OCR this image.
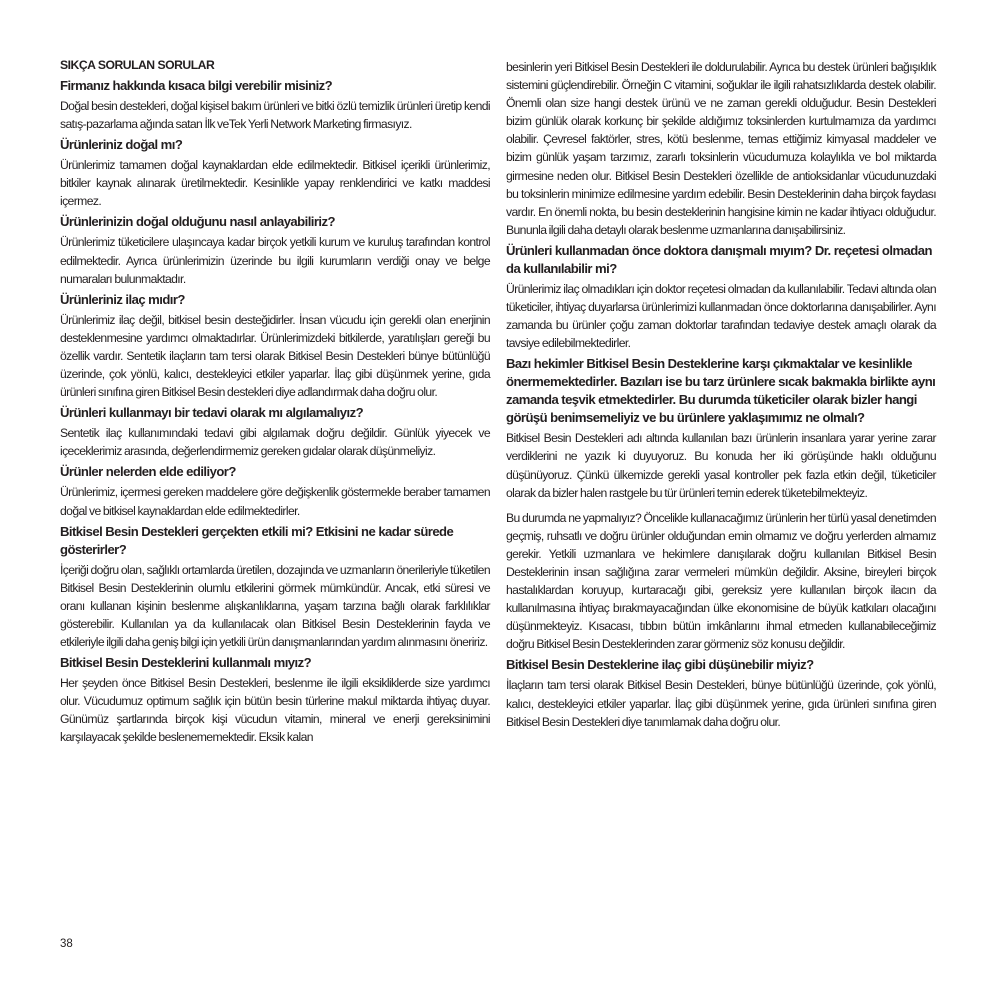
SIKÇA SORULAN SORULAR
Firmanız hakkında kısaca bilgi verebilir misiniz?
Doğal besin destekleri, doğal kişisel bakım ürünleri ve bitki özlü temizlik ürünleri üretip kendi satış-pazarlama ağında satan İlk veTek Yerli Network Marketing firmasıyız.
Ürünleriniz doğal mı?
Ürünlerimiz tamamen doğal kaynaklardan elde edilmektedir. Bitkisel içerikli ürünlerimiz, bitkiler kaynak alınarak üretilmektedir. Kesinlikle yapay renklendirici ve katkı maddesi içermez.
Ürünlerinizin doğal olduğunu nasıl anlayabiliriz?
Ürünlerimiz tüketicilere ulaşıncaya kadar birçok yetkili kurum ve kuruluş tarafından kontrol edilmektedir. Ayrıca ürünlerimizin üzerinde bu ilgili kurumların verdiği onay ve belge numaraları bulunmaktadır.
Ürünleriniz ilaç mıdır?
Ürünlerimiz ilaç değil, bitkisel besin desteğidirler. İnsan vücudu için gerekli olan enerjinin desteklenmesine yardımcı olmaktadırlar. Ürünlerimizdeki bitkilerde, yaratılışları gereği bu özellik vardır. Sentetik ilaçların tam tersi olarak Bitkisel Besin Destekleri bünye bütünlüğü üzerinde, çok yönlü, kalıcı, destekleyici etkiler yaparlar. İlaç gibi düşünmek yerine, gıda ürünleri sınıfına giren Bitkisel Besin destekleri diye adlandırmak daha doğru olur.
Ürünleri kullanmayı bir tedavi olarak mı algılamalıyız?
Sentetik ilaç kullanımındaki tedavi gibi algılamak doğru değildir. Günlük yiyecek ve içeceklerimiz arasında, değerlendirmemiz gereken gıdalar olarak düşünmeliyiz.
Ürünler nelerden elde ediliyor?
Ürünlerimiz, içermesi gereken maddelere göre değişkenlik göstermekle beraber tamamen doğal ve bitkisel kaynaklardan elde edilmektedirler.
Bitkisel Besin Destekleri gerçekten etkili mi? Etkisini ne kadar sürede gösterirler?
İçeriği doğru olan, sağlıklı ortamlarda üretilen, dozajında ve uzmanların önerileriyle tüketilen Bitkisel Besin Desteklerinin olumlu etkilerini görmek mümkündür. Ancak, etki süresi ve oranı kullanan kişinin beslenme alışkanlıklarına, yaşam tarzına bağlı olarak farklılıklar gösterebilir. Kullanılan ya da kullanılacak olan Bitkisel Besin Desteklerinin fayda ve etkileriyle ilgili daha geniş bilgi için yetkili ürün danışmanlarından yardım alınmasını öneririz.
Bitkisel Besin Desteklerini kullanmalı mıyız?
Her şeyden önce Bitkisel Besin Destekleri, beslenme ile ilgili eksikliklerde size yardımcı olur. Vücudumuz optimum sağlık için bütün besin türlerine makul miktarda ihtiyaç duyar. Günümüz şartlarında birçok kişi vücudun vitamin, mineral ve enerji gereksinimini karşılayacak şekilde beslenememektedir. Eksik kalan
besinlerin yeri Bitkisel Besin Destekleri ile doldurulabilir. Ayrıca bu destek ürünleri bağışıklık sistemini güçlendirebilir. Örneğin C vitamini, soğuklar ile ilgili rahatsızlıklarda destek olabilir. Önemli olan size hangi destek ürünü ve ne zaman gerekli olduğudur. Besin Destekleri bizim günlük olarak korkunç bir şekilde aldığımız toksinlerden kurtulmamıza da yardımcı olabilir. Çevresel faktörler, stres, kötü beslenme, temas ettiğimiz kimyasal maddeler ve bizim günlük yaşam tarzımız, zararlı toksinlerin vücudumuza kolaylıkla ve bol miktarda girmesine neden olur. Bitkisel Besin Destekleri özellikle de antioksidanlar vücudunuzdaki bu toksinlerin minimize edilmesine yardım edebilir. Besin Desteklerinin daha birçok faydası vardır. En önemli nokta, bu besin desteklerinin hangisine kimin ne kadar ihtiyacı olduğudur. Bununla ilgili daha detaylı olarak beslenme uzmanlarına danışabilirsiniz.
Ürünleri kullanmadan önce doktora danışmalı mıyım? Dr. reçetesi olmadan da kullanılabilir mi?
Ürünlerimiz ilaç olmadıkları için doktor reçetesi olmadan da kullanılabilir. Tedavi altında olan tüketiciler, ihtiyaç duyarlarsa ürünlerimizi kullanmadan önce doktorlarına danışabilirler. Aynı zamanda bu ürünler çoğu zaman doktorlar tarafından tedaviye destek amaçlı olarak da tavsiye edilebilmektedirler.
Bazı hekimler Bitkisel Besin Desteklerine karşı çıkmaktalar ve kesinlikle önermemektedirler. Bazıları ise bu tarz ürünlere sıcak bakmakla birlikte aynı zamanda teşvik etmektedirler. Bu durumda tüketiciler olarak bizler hangi görüşü benimsemeliyiz ve bu ürünlere yaklaşımımız ne olmalı?
Bitkisel Besin Destekleri adı altında kullanılan bazı ürünlerin insanlara yarar yerine zarar verdiklerini ne yazık ki duyuyoruz. Bu konuda her iki görüşünde haklı olduğunu düşünüyoruz. Çünkü ülkemizde gerekli yasal kontroller pek fazla etkin değil, tüketiciler olarak da bizler halen rastgele bu tür ürünleri temin ederek tüketebilmekteyiz.
Bu durumda ne yapmalıyız? Öncelikle kullanacağımız ürünlerin her türlü yasal denetimden geçmiş, ruhsatlı ve doğru ürünler olduğundan emin olmamız ve doğru yerlerden almamız gerekir. Yetkili uzmanlara ve hekimlere danışılarak doğru kullanılan Bitkisel Besin Desteklerinin insan sağlığına zarar vermeleri mümkün değildir. Aksine, bireyleri birçok hastalıklardan koruyup, kurtaracağı gibi, gereksiz yere kullanılan birçok ilacın da kullanılmasına ihtiyaç bırakmayacağından ülke ekonomisine de büyük katkıları olacağını düşünmekteyiz. Kısacası, tıbbın bütün imkânlarını ihmal etmeden kullanabileceğimiz doğru Bitkisel Besin Desteklerinden zarar görmeniz söz konusu değildir.
Bitkisel Besin Desteklerine ilaç gibi düşünebilir miyiz?
İlaçların tam tersi olarak Bitkisel Besin Destekleri, bünye bütünlüğü üzerinde, çok yönlü, kalıcı, destekleyici etkiler yaparlar. İlaç gibi düşünmek yerine, gıda ürünleri sınıfına giren Bitkisel Besin Destekleri diye tanımlamak daha doğru olur.
38
